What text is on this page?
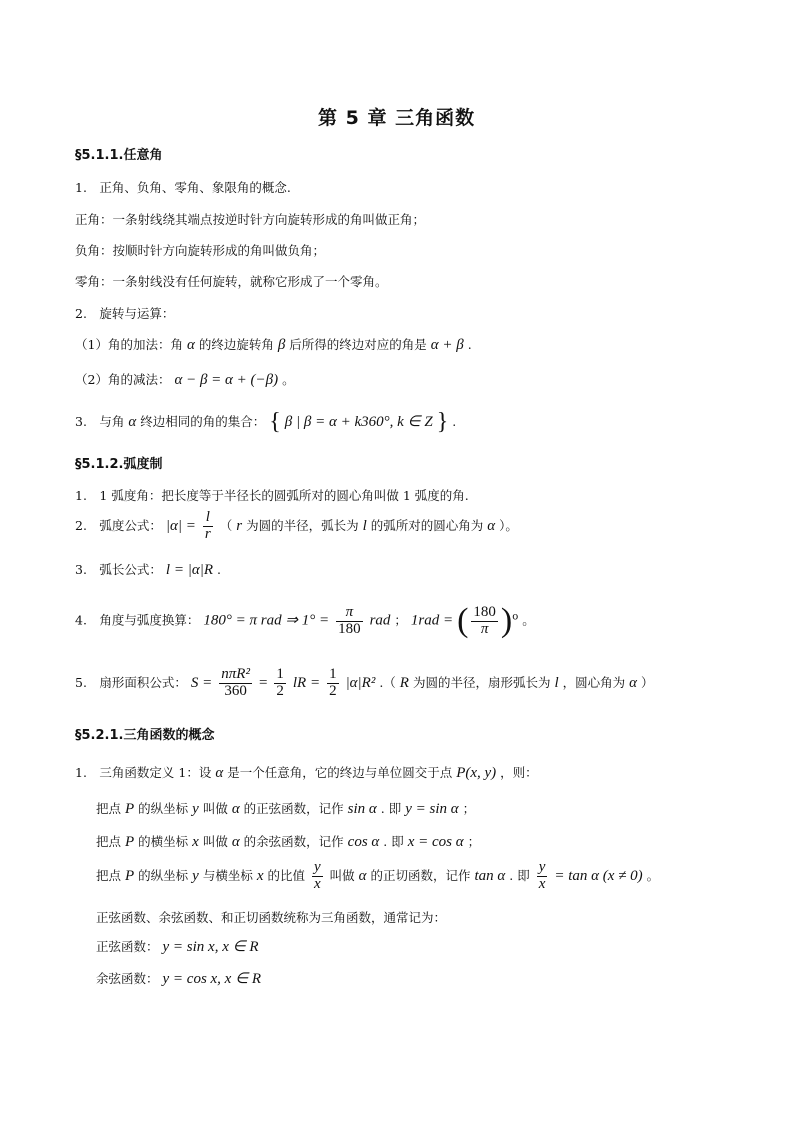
第 5 章 三角函数
§5.1.1.任意角
1.　正角、负角、零角、象限角的概念.
正角：一条射线绕其端点按逆时针方向旋转形成的角叫做正角；
负角：按顺时针方向旋转形成的角叫做负角；
零角：一条射线没有任何旋转，就称它形成了一个零角。
2.　旋转与运算：
（1）角的加法：角 α 的终边旋转角 β 后所得的终边对应的角是 α + β .
（2）角的减法： α − β = α + (−β) 。
3.　与角 α 终边相同的角的集合： { β | β = α + k360°, k ∈ Z } .
§5.1.2.弧度制
1.　1 弧度角：把长度等于半径长的圆弧所对的圆心角叫做 1 弧度的角.
2.　弧度公式： $|\alpha| = \frac{l}{r}$ （ r 为圆的半径，弧长为 l 的弧所对的圆心角为 α ）。
3.　弧长公式： l = |α|R .
4.　角度与弧度换算： 180° = π rad ⇒ $1^\circ = \frac{\pi}{180}$ rad ； 1rad = ( $\frac{180}{\pi} )^o$ 。
5.　扇形面积公式： $S = \frac{\text{nπR²}}{360} = \frac{1}{2}$ lR = $\frac{1}{2} |\alpha|R^2$ .（ R 为圆的半径，扇形弧长为 l ，圆心角为 α ）
§5.2.1.三角函数的概念
1.　三角函数定义 1：设 α 是一个任意角，它的终边与单位圆交于点 P(x, y) ，则：
把点 P 的纵坐标 y 叫做 α 的正弦函数，记作 sin α . 即 y = sin α ；
把点 P 的横坐标 x 叫做 α 的余弦函数，记作 cos α . 即 x = cos α ；
把点 P 的纵坐标 y 与横坐标 x 的比值 $\frac{y}{x}$ 叫做 α 的正切函数，记作 tan α . 即 $\frac{y}{x} = \tan \alpha$ (x ≠ 0) 。
正弦函数、余弦函数、和正切函数统称为三角函数，通常记为：
正弦函数： y = sin x, x ∈ R
余弦函数： y = cos x, x ∈ R
